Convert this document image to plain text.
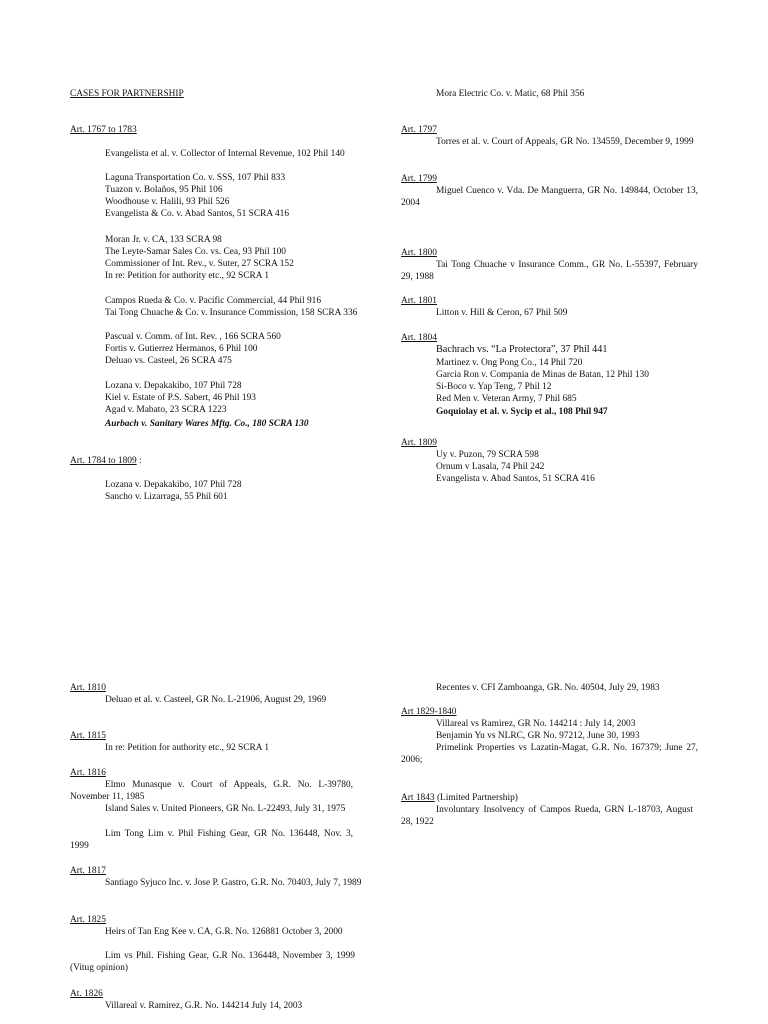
CASES FOR PARTNERSHIP
Art. 1767 to 1783
Evangelista et al. v. Collector of Internal Revenue, 102 Phil 140
Laguna Transportation Co. v. SSS, 107 Phil 833
Tuazon v. Bolaños, 95 Phil 106
Woodhouse v. Halili, 93 Phil 526
Evangelista & Co. v. Abad Santos, 51 SCRA 416
Moran Jr. v. CA, 133 SCRA 98
The Leyte-Samar Sales Co. vs. Cea, 93 Phil 100
Commissioner of Int. Rev., v. Suter, 27 SCRA 152
In re: Petition for authority etc., 92 SCRA 1
Campos Rueda & Co. v. Pacific Commercial, 44 Phil 916
Tai Tong Chuache & Co. v. Insurance Commission, 158 SCRA 336
Pascual v. Comm. of Int. Rev. , 166 SCRA 560
Fortis v. Gutierrez Hermanos, 6 Phil 100
Deluao vs. Casteel, 26 SCRA 475
Lozana v. Depakakibo, 107 Phil 728
Kiel v. Estate of P.S. Sabert, 46 Phil 193
Agad v. Mabato, 23 SCRA 1223
Aurbach v. Sanitary Wares Mftg. Co., 180 SCRA 130
Art. 1784 to 1809 :
Lozana v. Depakakibo, 107 Phil 728
Sancho v. Lizarraga, 55 Phil 601
Mora Electric Co. v. Matic, 68 Phil 356
Art. 1797
Torres et al. v. Court of Appeals, GR No. 134559, December 9, 1999
Art. 1799
Miguel Cuenco v. Vda. De Manguerra, GR No. 149844, October 13, 2004
Art. 1800
Tai Tong Chuache v Insurance Comm., GR No. L-55397, February 29, 1988
Art. 1801
Litton v. Hill & Ceron, 67 Phil 509
Art. 1804
Bachrach vs. “La Protectora”, 37 Phil 441
Martinez v. Ong Pong Co., 14 Phil 720
Garcia Ron v. Compania de Minas de Batan, 12 Phil 130
Si-Boco v. Yap Teng, 7 Phil 12
Red Men v. Veteran Army, 7 Phil 685
Goquiolay et al. v. Sycip et al., 108 Phil 947
Art. 1809
Uy v. Puzon, 79 SCRA 598
Ornum v Lasala, 74 Phil 242
Evangelista v. Abad Santos, 51 SCRA 416
Art. 1810
Deluao et al. v. Casteel, GR No. L-21906, August 29, 1969
Art. 1815
In re: Petition for authority etc., 92 SCRA 1
Art. 1816
Elmo Munasque v. Court of Appeals, G.R. No. L-39780, November 11, 1985
Island Sales v. United Pioneers, GR No. L-22493, July 31, 1975
Lim Tong Lim v. Phil Fishing Gear, GR No. 136448, Nov. 3, 1999
Art. 1817
Santiago Syjuco Inc. v. Jose P. Gastro, G.R. No. 70403, July 7, 1989
Art. 1825
Heirs of Tan Eng Kee v. CA, G.R. No. 126881 October 3, 2000
Lim vs Phil. Fishing Gear, G.R No. 136448, November 3, 1999 (Vitug opinion)
At. 1826
Villareal v. Ramirez, G.R. No. 144214 July 14, 2003
Recentes v. CFI Zamboanga, GR. No. 40504, July 29, 1983
Art 1829-1840
Villareal vs Ramirez, GR No. 144214 : July 14, 2003
Benjamin Yu vs NLRC, GR No. 97212, June 30, 1993
Primelink Properties vs Lazatin-Magat, G.R. No. 167379; June 27, 2006;
Art 1843 (Limited Partnership)
Involuntary Insolvency of Campos Rueda, GRN L-18703, August 28, 1922
